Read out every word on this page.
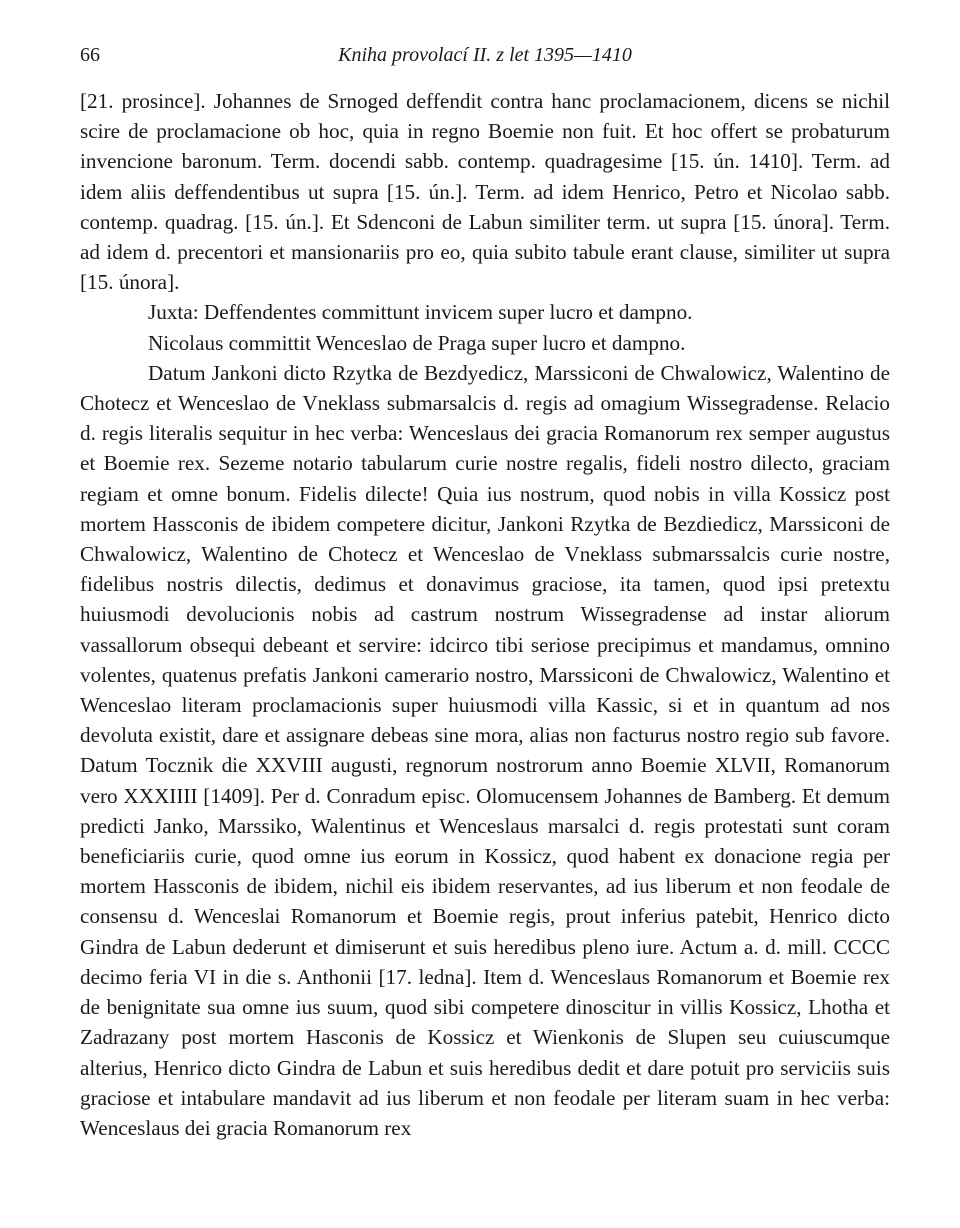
66	Kniha provolací II. z let 1395—1410

[21. prosince]. Johannes de Srnoged deffendit contra hanc proclamacionem, dicens se nichil scire de proclamacione ob hoc, quia in regno Boemie non fuit. Et hoc offert se probaturum invencione baronum. Term. docendi sabb. contemp. quadragesime [15. ún. 1410]. Term. ad idem aliis deffendentibus ut supra [15. ún.]. Term. ad idem Henrico, Petro et Nicolao sabb. contemp. quadrag. [15. ún.]. Et Sdenconi de Labun similiter term. ut supra [15. února]. Term. ad idem d. precentori et mansionariis pro eo, quia subito tabule erant clause, similiter ut supra [15. února].

Juxta: Deffendentes committunt invicem super lucro et dampno.

Nicolaus committit Wenceslao de Praga super lucro et dampno.

Datum Jankoni dicto Rzytka de Bezdyedicz, Marssiconi de Chwalowicz, Walentino de Chotecz et Wenceslao de Vneklass submarsalcis d. regis ad omagium Wissegradense. Relacio d. regis literalis sequitur in hec verba: Wenceslaus dei gracia Romanorum rex semper augustus et Boemie rex. Sezeme notario tabularum curie nostre regalis, fideli nostro dilecto, graciam regiam et omne bonum. Fidelis dilecte! Quia ius nostrum, quod nobis in villa Kossicz post mortem Hassconis de ibidem competere dicitur, Jankoni Rzytka de Bezdiedicz, Marssiconi de Chwalowicz, Walentino de Chotecz et Wenceslao de Vneklass submarssalcis curie nostre, fidelibus nostris dilectis, dedimus et donavimus graciose, ita tamen, quod ipsi pretextu huiusmodi devolucionis nobis ad castrum nostrum Wissegradense ad instar aliorum vassallorum obsequi debeant et servire: idcirco tibi seriose precipimus et mandamus, omnino volentes, quatenus prefatis Jankoni camerario nostro, Marssiconi de Chwalowicz, Walentino et Wenceslao literam proclamacionis super huiusmodi villa Kassic, si et in quantum ad nos devoluta existit, dare et assignare debeas sine mora, alias non facturus nostro regio sub favore. Datum Tocznik die XXVIII augusti, regnorum nostrorum anno Boemie XLVII, Romanorum vero XXXIIII [1409]. Per d. Conradum episc. Olomucensem Johannes de Bamberg. Et demum predicti Janko, Marssiko, Walentinus et Wenceslaus marsalci d. regis protestati sunt coram beneficiariis curie, quod omne ius eorum in Kossicz, quod habent ex donacione regia per mortem Hassconis de ibidem, nichil eis ibidem reservantes, ad ius liberum et non feodale de consensu d. Wenceslai Romanorum et Boemie regis, prout inferius patebit, Henrico dicto Gindra de Labun dederunt et dimiserunt et suis heredibus pleno iure. Actum a. d. mill. CCCC decimo feria VI in die s. Anthonii [17. ledna]. Item d. Wenceslaus Romanorum et Boemie rex de benignitate sua omne ius suum, quod sibi competere dinoscitur in villis Kossicz, Lhotha et Zadrazany post mortem Hasconis de Kossicz et Wienkonis de Slupen seu cuiuscumque alterius, Henrico dicto Gindra de Labun et suis heredibus dedit et dare potuit pro serviciis suis graciose et intabulare mandavit ad ius liberum et non feodale per literam suam in hec verba: Wenceslaus dei gracia Romanorum rex
